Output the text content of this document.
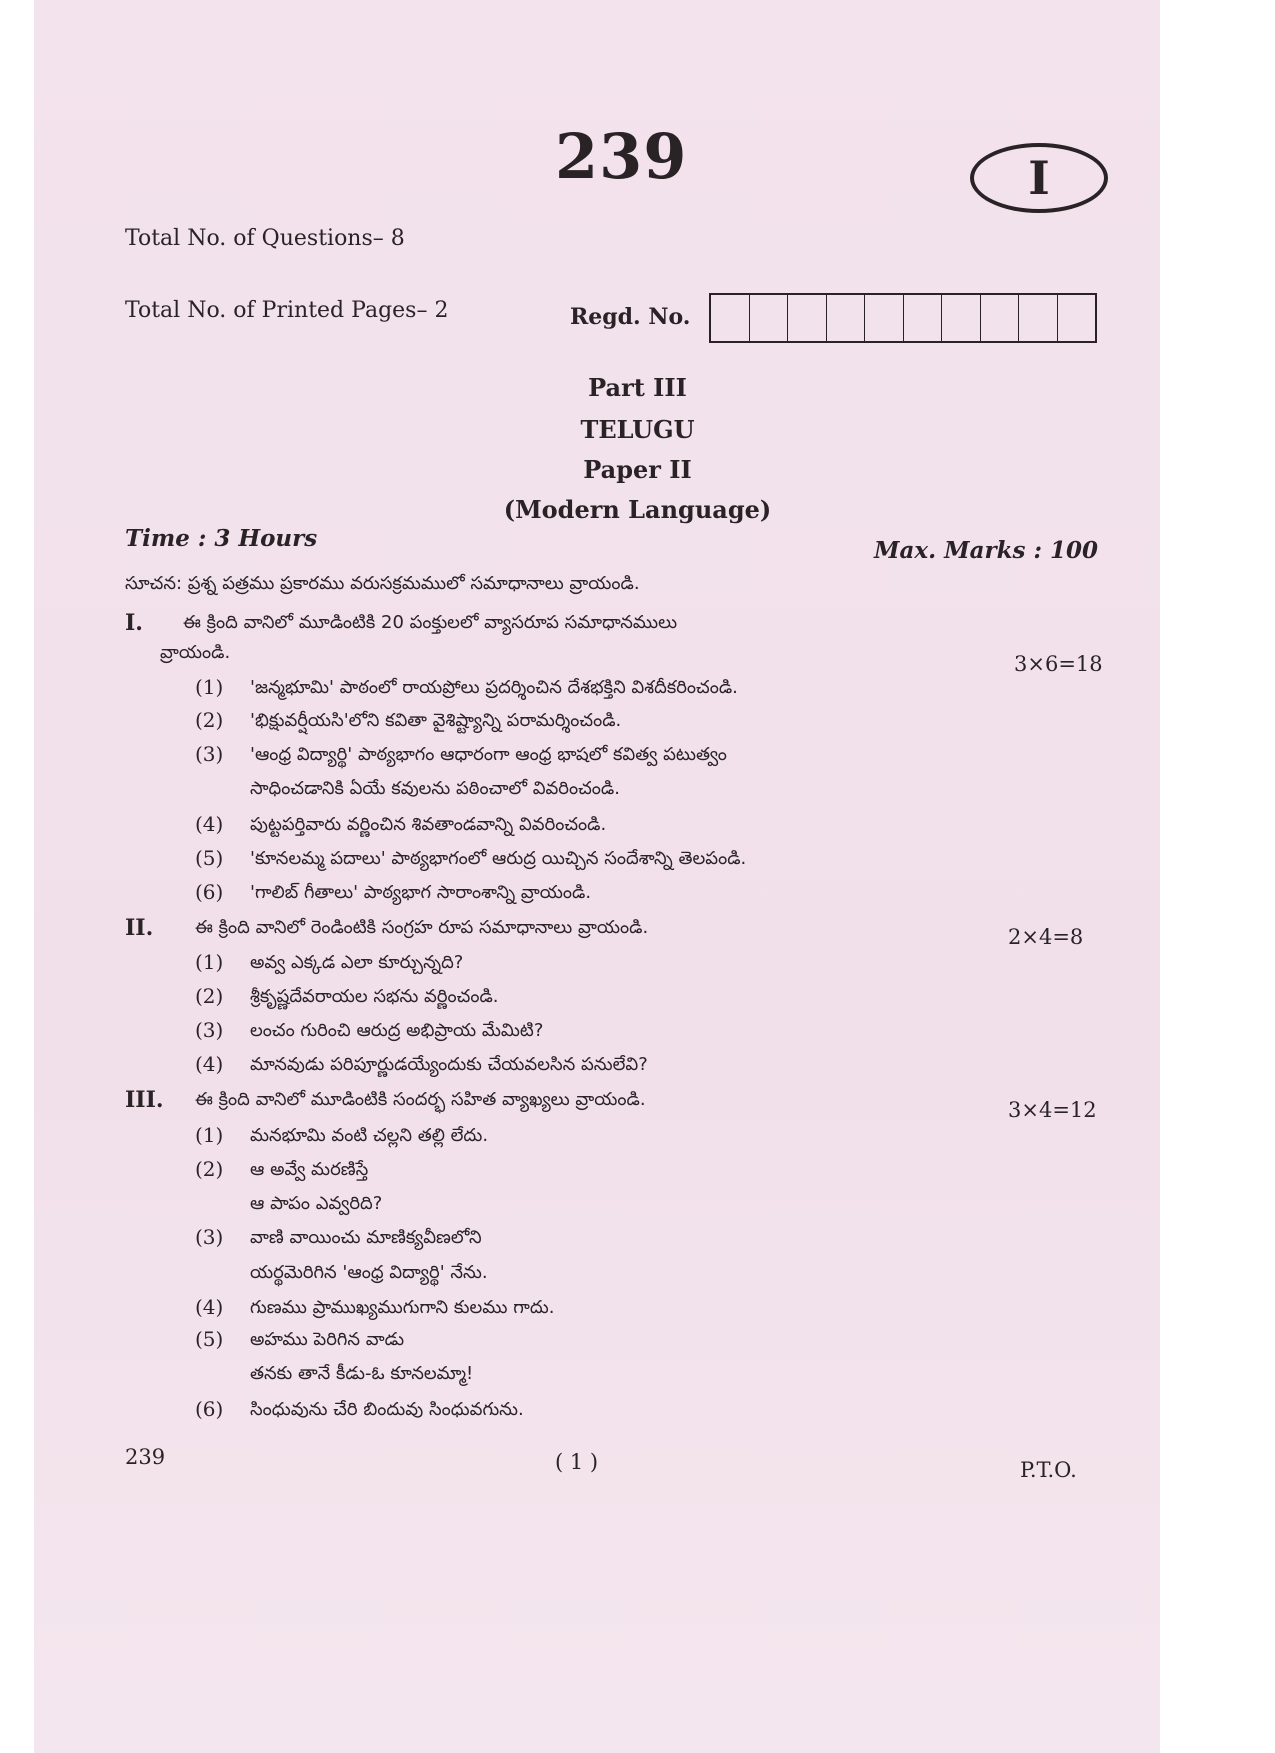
239	I
Total No. of Questions– 8
Total No. of Printed Pages– 2	Regd. No.
Part III
TELUGU
Paper II
(Modern Language)
Time : 3 Hours	Max. Marks : 100
సూచన: ప్రశ్న పత్రము ప్రకారము వరుసక్రమములో సమాధానాలు వ్రాయండి.
I. ఈ క్రింది వానిలో మూడింటికి 20 పంక్తులలో వ్యాసరూప సమాధానములు
వ్రాయండి.	3×6=18
(1) 'జన్మభూమి' పాఠంలో రాయప్రోలు ప్రదర్శించిన దేశభక్తిని విశదీకరించండి.
(2) 'భిక్షువర్షీయసి'లోని కవితా వైశిష్ట్యాన్ని పరామర్శించండి.
(3) 'ఆంధ్ర విద్యార్థి' పాఠ్యభాగం ఆధారంగా ఆంధ్ర భాషలో కవిత్వ పటుత్వం
సాధించడానికి ఏయే కవులను పఠించాలో వివరించండి.
(4) పుట్టపర్తివారు వర్ణించిన శివతాండవాన్ని వివరించండి.
(5) 'కూనలమ్మ పదాలు' పాఠ్యభాగంలో ఆరుద్ర యిచ్చిన సందేశాన్ని తెలపండి.
(6) 'గాలిబ్ గీతాలు' పాఠ్యభాగ సారాంశాన్ని వ్రాయండి.
II. ఈ క్రింది వానిలో రెండింటికి సంగ్రహ రూప సమాధానాలు వ్రాయండి.	2×4=8
(1) అవ్వ ఎక్కడ ఎలా కూర్చున్నది?
(2) శ్రీకృష్ణదేవరాయల సభను వర్ణించండి.
(3) లంచం గురించి ఆరుద్ర అభిప్రాయ మేమిటి?
(4) మానవుడు పరిపూర్ణుడయ్యేందుకు చేయవలసిన పనులేవి?
III. ఈ క్రింది వానిలో మూడింటికి సందర్భ సహిత వ్యాఖ్యలు వ్రాయండి.	3×4=12
(1) మనభూమి వంటి చల్లని తల్లి లేదు.
(2) ఆ అవ్వే మరణిస్తే
ఆ పాపం ఎవ్వరిది?
(3) వాణి వాయించు మాణిక్యవీణలోని
యర్థమెరిగిన 'ఆంధ్ర విద్యార్థి' నేను.
(4) గుణము ప్రాముఖ్యముగుగాని కులము గాదు.
(5) అహము పెరిగిన వాడు
తనకు తానే కీడు-ఓ కూనలమ్మా!
(6) సింధువును చేరి బిందువు సింధువగును.
239	( 1 )	P.T.O.
